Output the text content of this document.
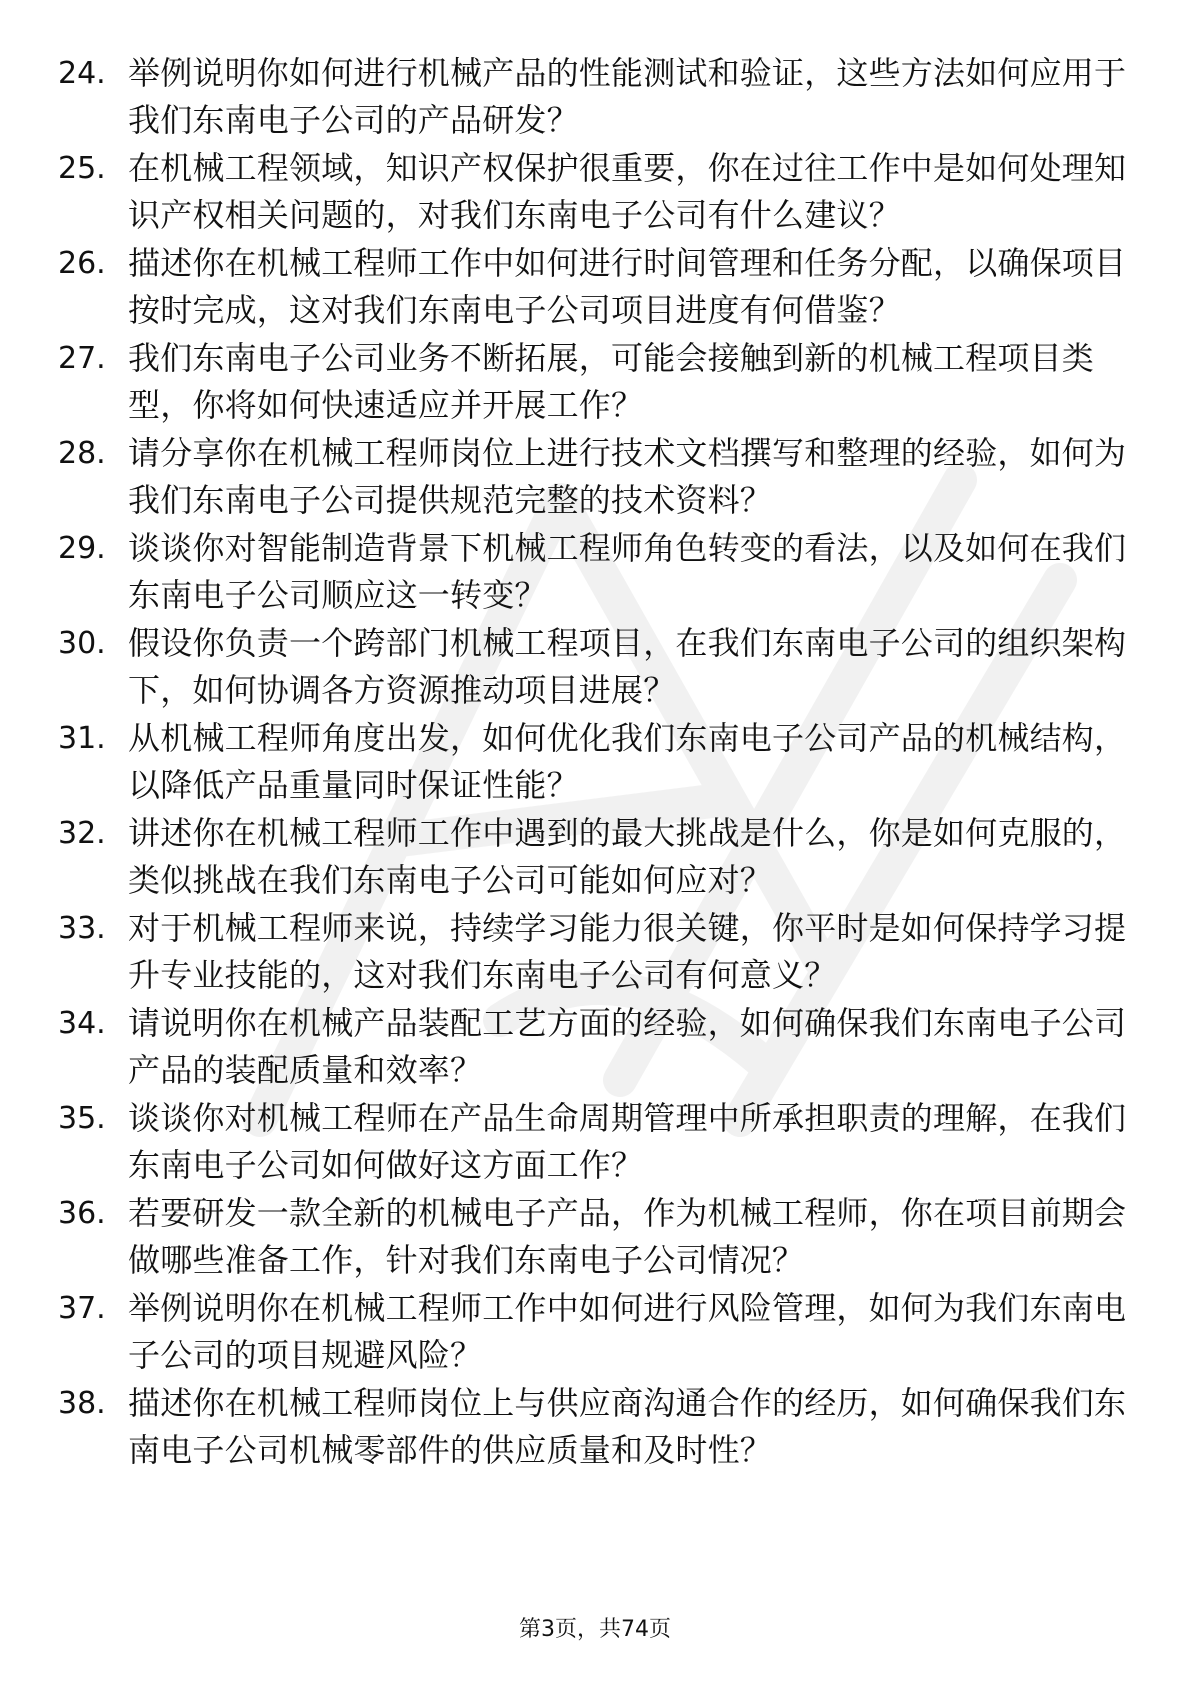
24. 举例说明你如何进行机械产品的性能测试和验证，这些方法如何应用于我们东南电子公司的产品研发？
25. 在机械工程领域，知识产权保护很重要，你在过往工作中是如何处理知识产权相关问题的，对我们东南电子公司有什么建议？
26. 描述你在机械工程师工作中如何进行时间管理和任务分配，以确保项目按时完成，这对我们东南电子公司项目进度有何借鉴？
27. 我们东南电子公司业务不断拓展，可能会接触到新的机械工程项目类型，你将如何快速适应并开展工作？
28. 请分享你在机械工程师岗位上进行技术文档撰写和整理的经验，如何为我们东南电子公司提供规范完整的技术资料？
29. 谈谈你对智能制造背景下机械工程师角色转变的看法，以及如何在我们东南电子公司顺应这一转变？
30. 假设你负责一个跨部门机械工程项目，在我们东南电子公司的组织架构下，如何协调各方资源推动项目进展？
31. 从机械工程师角度出发，如何优化我们东南电子公司产品的机械结构，以降低产品重量同时保证性能？
32. 讲述你在机械工程师工作中遇到的最大挑战是什么，你是如何克服的，类似挑战在我们东南电子公司可能如何应对？
33. 对于机械工程师来说，持续学习能力很关键，你平时是如何保持学习提升专业技能的，这对我们东南电子公司有何意义？
34. 请说明你在机械产品装配工艺方面的经验，如何确保我们东南电子公司产品的装配质量和效率？
35. 谈谈你对机械工程师在产品生命周期管理中所承担职责的理解，在我们东南电子公司如何做好这方面工作？
36. 若要研发一款全新的机械电子产品，作为机械工程师，你在项目前期会做哪些准备工作，针对我们东南电子公司情况？
37. 举例说明你在机械工程师工作中如何进行风险管理，如何为我们东南电子公司的项目规避风险？
38. 描述你在机械工程师岗位上与供应商沟通合作的经历，如何确保我们东南电子公司机械零部件的供应质量和及时性？
第3页，共74页
